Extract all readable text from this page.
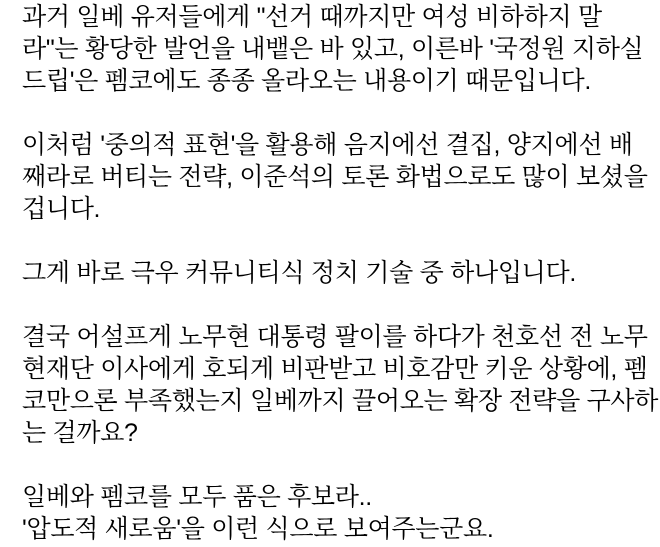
과거 일베 유저들에게 "선거 때까지만 여성 비하하지 말
라"는 황당한 발언을 내뱉은 바 있고, 이른바 '국정원 지하실
드립'은 펨코에도 종종 올라오는 내용이기 때문입니다.
이처럼 '중의적 표현'을 활용해 음지에선 결집, 양지에선 배
째라로 버티는 전략, 이준석의 토론 화법으로도 많이 보셨을
겁니다.
그게 바로 극우 커뮤니티식 정치 기술 중 하나입니다.
결국 어설프게 노무현 대통령 팔이를 하다가 천호선 전 노무
현재단 이사에게 호되게 비판받고 비호감만 키운 상황에, 펨
코만으론 부족했는지 일베까지 끌어오는 확장 전략을 구사하
는 걸까요?
일베와 펨코를 모두 품은 후보라..
'압도적 새로움'을 이런 식으로 보여주는군요.
